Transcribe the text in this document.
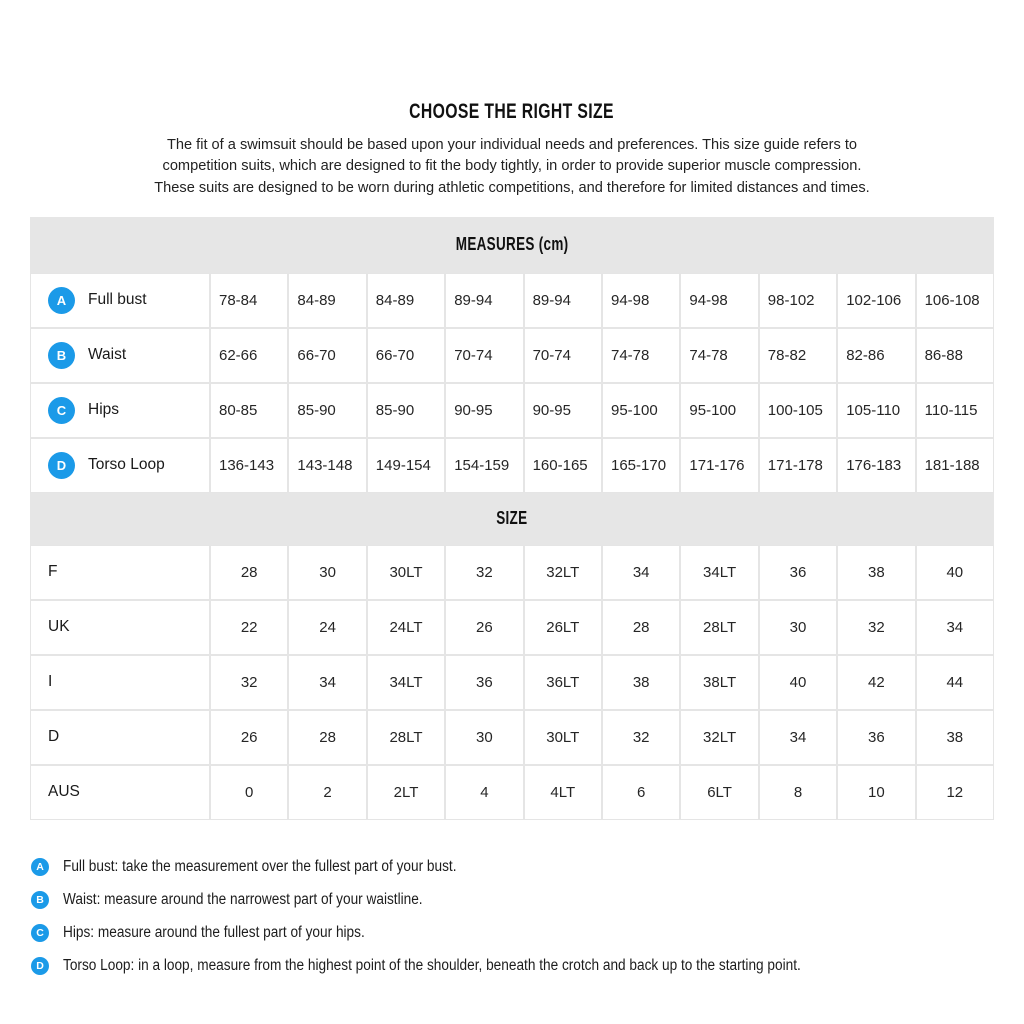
CHOOSE THE RIGHT SIZE
The fit of a swimsuit should be based upon your individual needs and preferences. This size guide refers to
competition suits, which are designed to fit the body tightly, in order to provide superior muscle compression.
These suits are designed to be worn during athletic competitions, and therefore for limited distances and times.
MEASURES (cm)
A	Full bust	78-84	84-89	84-89	89-94	89-94	94-98	94-98	98-102	102-106	106-108
B	Waist	62-66	66-70	66-70	70-74	70-74	74-78	74-78	78-82	82-86	86-88
C	Hips	80-85	85-90	85-90	90-95	90-95	95-100	95-100	100-105	105-110	110-115
D	Torso Loop	136-143	143-148	149-154	154-159	160-165	165-170	171-176	171-178	176-183	181-188
SIZE
F	28	30	30LT	32	32LT	34	34LT	36	38	40
UK	22	24	24LT	26	26LT	28	28LT	30	32	34
I	32	34	34LT	36	36LT	38	38LT	40	42	44
D	26	28	28LT	30	30LT	32	32LT	34	36	38
AUS	0	2	2LT	4	4LT	6	6LT	8	10	12
A	Full bust: take the measurement over the fullest part of your bust.
B	Waist: measure around the narrowest part of your waistline.
C	Hips: measure around the fullest part of your hips.
D	Torso Loop: in a loop, measure from the highest point of the shoulder, beneath the crotch and back up to the starting point.
